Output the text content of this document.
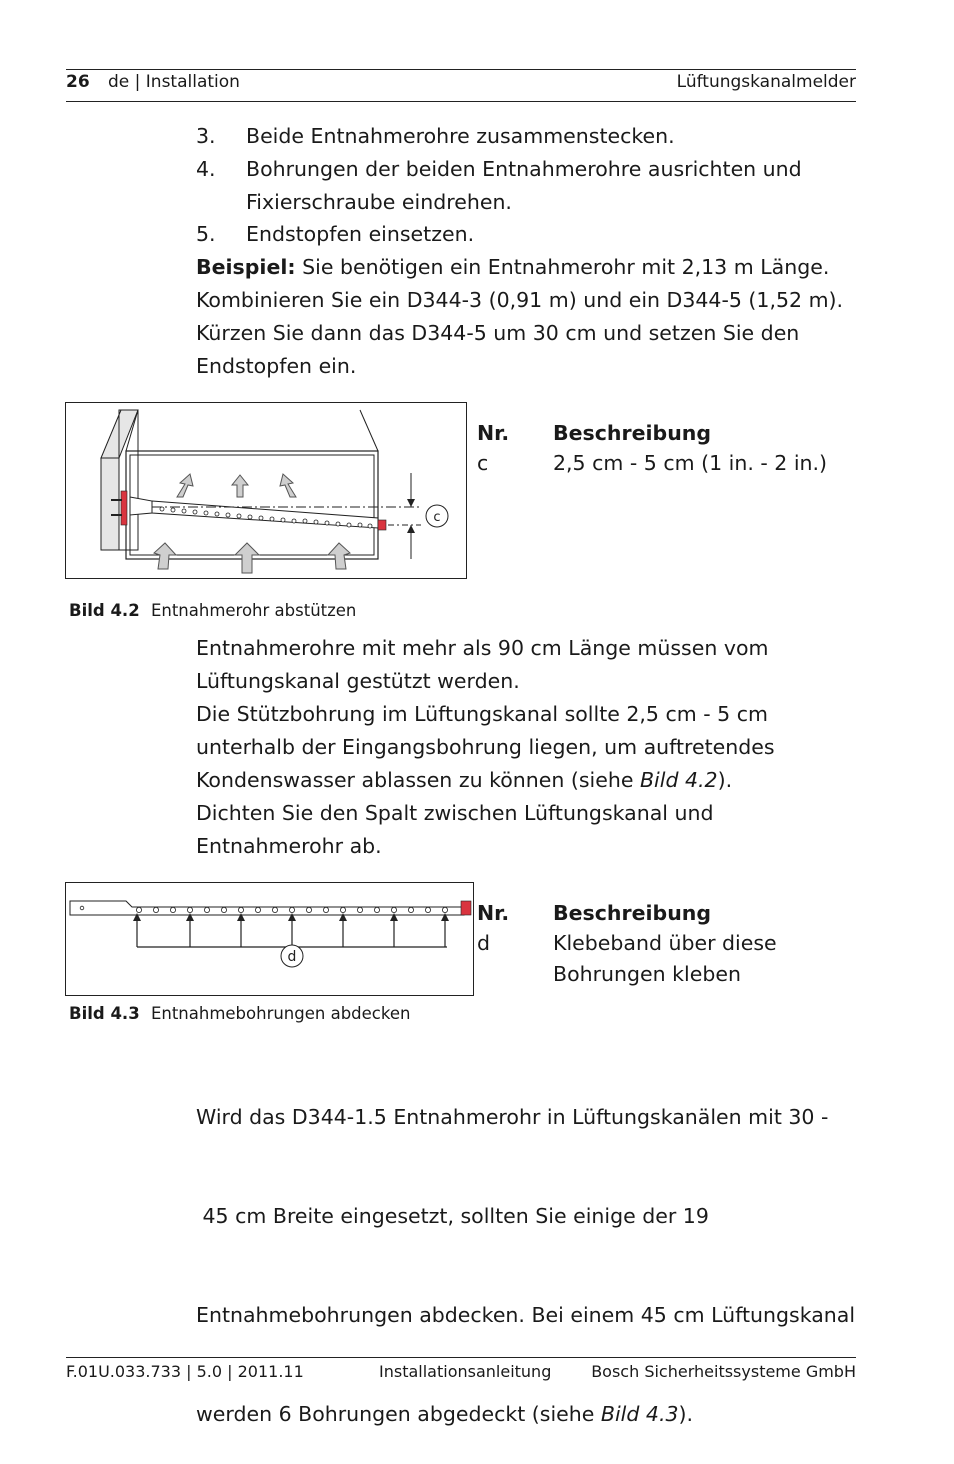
26 de | Installation	Lüftungskanalmelder
3. Beide Entnahmerohre zusammenstecken.
4. Bohrungen der beiden Entnahmerohre ausrichten und Fixierschraube eindrehen.
5. Endstopfen einsetzen.
Beispiel: Sie benötigen ein Entnahmerohr mit 2,13 m Länge. Kombinieren Sie ein D344-3 (0,91 m) und ein D344-5 (1,52 m). Kürzen Sie dann das D344-5 um 30 cm und setzen Sie den Endstopfen ein.
c
Nr. Beschreibung
c	2,5 cm - 5 cm (1 in. - 2 in.)
Bild 4.2 Entnahmerohr abstützen
Entnahmerohre mit mehr als 90 cm Länge müssen vom Lüftungskanal gestützt werden.
Die Stützbohrung im Lüftungskanal sollte 2,5 cm - 5 cm unterhalb der Eingangsbohrung liegen, um auftretendes Kondenswasser ablassen zu können (siehe Bild 4.2).
Dichten Sie den Spalt zwischen Lüftungskanal und Entnahmerohr ab.
d
Nr. Beschreibung
d	Klebeband über diese
Bohrungen kleben
Bild 4.3 Entnahmebohrungen abdecken

Wird das D344-1.5 Entnahmerohr in Lüftungskanälen mit 30 -

45 cm Breite eingesetzt, sollten Sie einige der 19

Entnahmebohrungen abdecken. Bei einem 45 cm Lüftungskanal

werden 6 Bohrungen abgedeckt (siehe Bild 4.3).

F.01U.033.733 | 5.0 | 2011.11	Installationsanleitung Bosch Sicherheitssysteme GmbH
